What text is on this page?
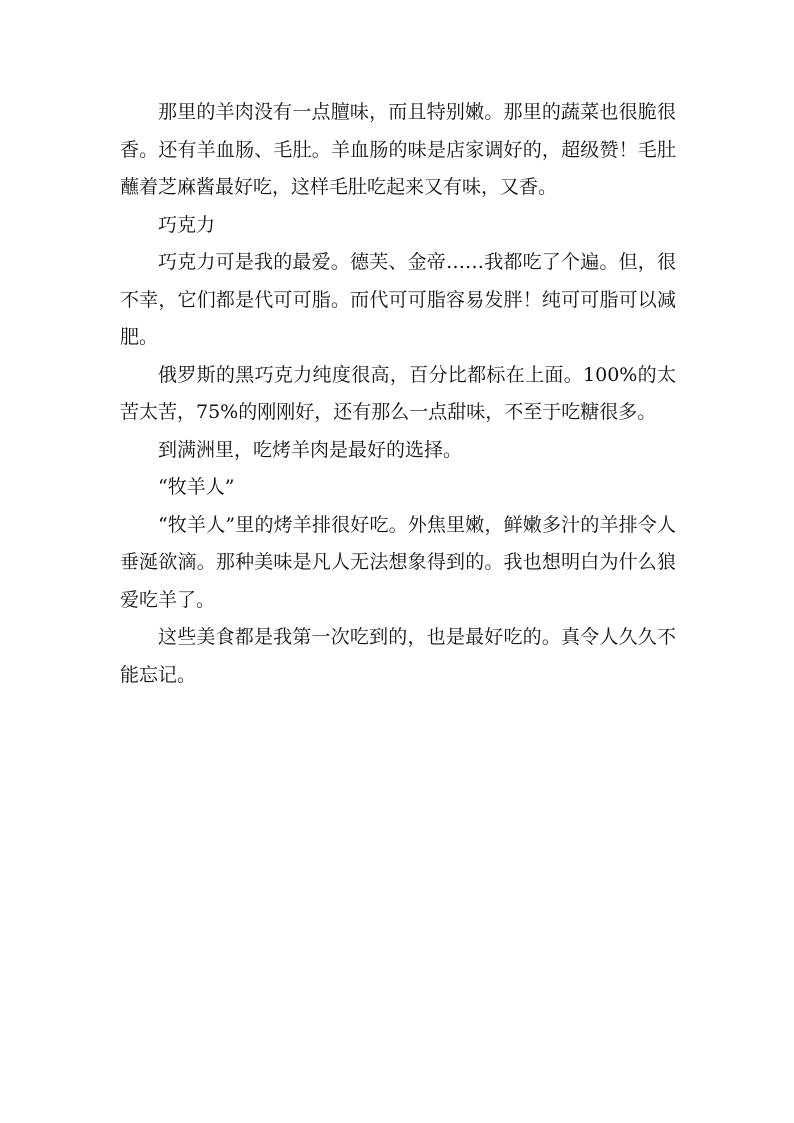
那里的羊肉没有一点膻味，而且特别嫩。那里的蔬菜也很脆很香。还有羊血肠、毛肚。羊血肠的味是店家调好的，超级赞！毛肚蘸着芝麻酱最好吃，这样毛肚吃起来又有味，又香。

巧克力

巧克力可是我的最爱。德芙、金帝……我都吃了个遍。但，很不幸，它们都是代可可脂。而代可可脂容易发胖！纯可可脂可以减肥。

俄罗斯的黑巧克力纯度很高，百分比都标在上面。100%的太苦太苦，75%的刚刚好，还有那么一点甜味，不至于吃糖很多。

到满洲里，吃烤羊肉是最好的选择。

“牧羊人”

“牧羊人”里的烤羊排很好吃。外焦里嫩，鲜嫩多汁的羊排令人垂涎欲滴。那种美味是凡人无法想象得到的。我也想明白为什么狼爱吃羊了。

这些美食都是我第一次吃到的，也是最好吃的。真令人久久不能忘记。
